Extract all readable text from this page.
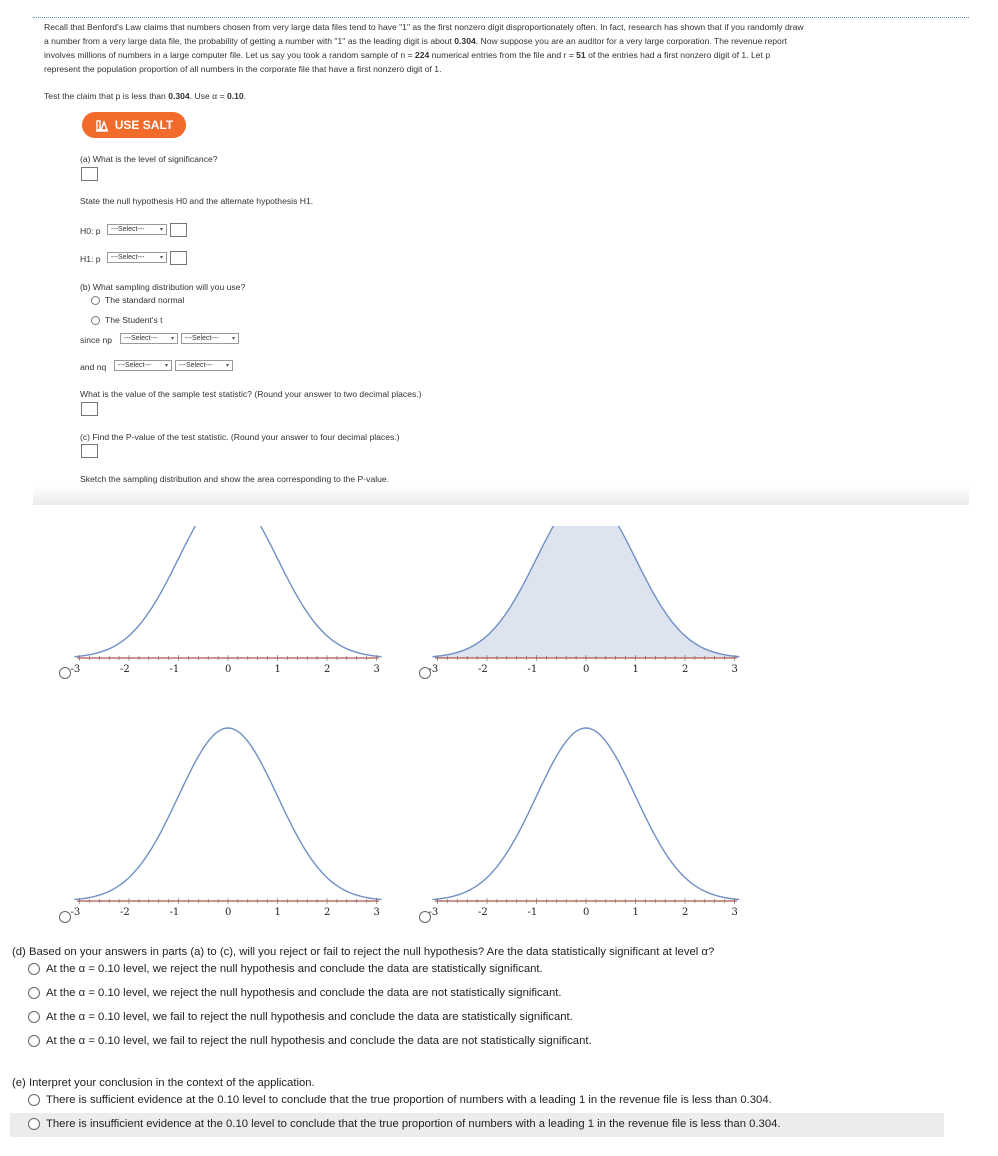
Recall that Benford's Law claims that numbers chosen from very large data files tend to have "1" as the first nonzero digit disproportionately often. In fact, research has shown that if you randomly draw
a number from a very large data file, the probability of getting a number with "1" as the leading digit is about 0.304. Now suppose you are an auditor for a very large corporation. The revenue report
involves millions of numbers in a large computer file. Let us say you took a random sample of n = 224 numerical entries from the file and r = 51 of the entries had a first nonzero digit of 1. Let p
represent the population proportion of all numbers in the corporate file that have a first nonzero digit of 1.
Test the claim that p is less than 0.304. Use α = 0.10.
USE SALT
(a) What is the level of significance?
State the null hypothesis H0 and the alternate hypothesis H1.
H0: p ---Select---	▾
H1: p ---Select---	▾
(b) What sampling distribution will you use?
The standard normal
The Student's t
since np ---Select--- ▾ ---Select--- ▾
and nq ---Select--- ▾ ---Select--- ▾
What is the value of the sample test statistic? (Round your answer to two decimal places.)
(c) Find the P-value of the test statistic. (Round your answer to four decimal places.)
Sketch the sampling distribution and show the area corresponding to the P-value.
(d) Based on your answers in parts (a) to (c), will you reject or fail to reject the null hypothesis? Are the data statistically significant at level α?
At the α = 0.10 level, we reject the null hypothesis and conclude the data are statistically significant.
At the α = 0.10 level, we reject the null hypothesis and conclude the data are not statistically significant.
At the α = 0.10 level, we fail to reject the null hypothesis and conclude the data are statistically significant.
At the α = 0.10 level, we fail to reject the null hypothesis and conclude the data are not statistically significant.
(e) Interpret your conclusion in the context of the application.
There is sufficient evidence at the 0.10 level to conclude that the true proportion of numbers with a leading 1 in the revenue file is less than 0.304.
There is insufficient evidence at the 0.10 level to conclude that the true proportion of numbers with a leading 1 in the revenue file is less than 0.304.
-3	-2	-1	0	1	2	3	-3	-2	-1	0	1	2	3
-3	-2	-1	0	1	2	3	-3	-2	-1	0	1	2	3
